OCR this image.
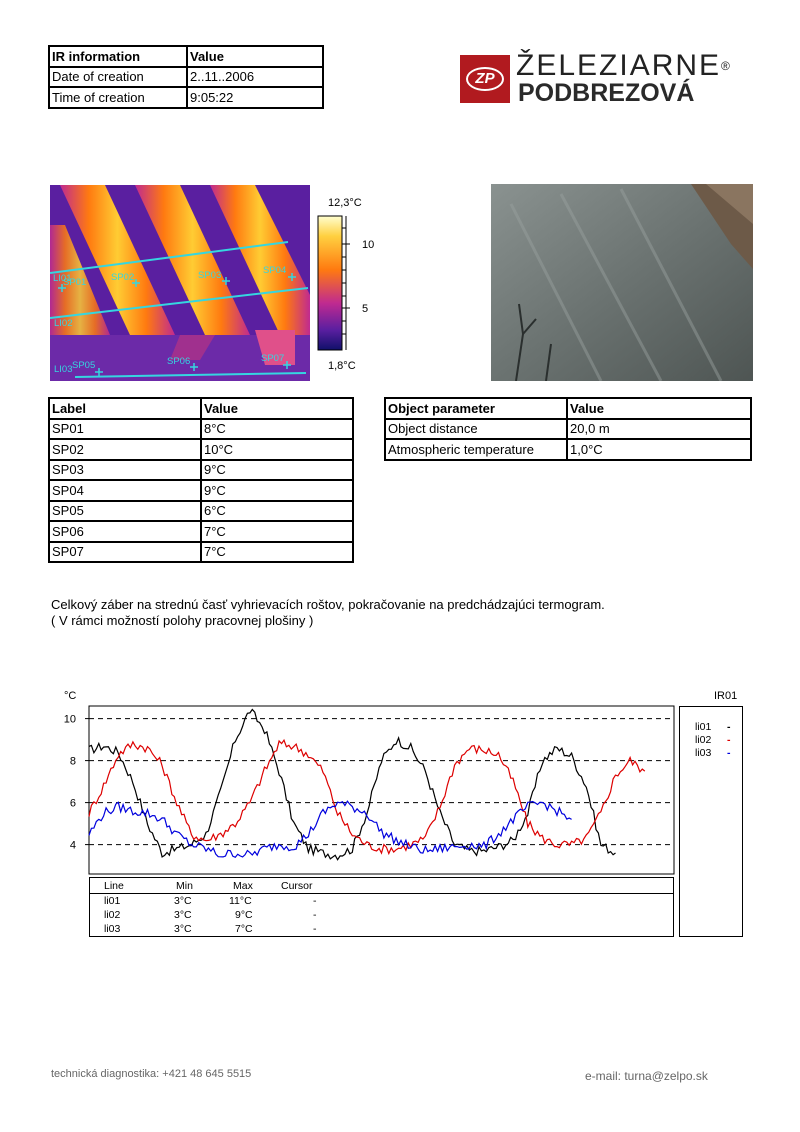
IR information	Value
Date of creation	2..11..2006
Time of creation	9:05:22
ZP ŽELEZIARNE®
PODBREZOVÁ
LI01
SP01	SP02	SP03	SP04
LI02
LI03 SP05	SP06	SP07
12,3°C
10
5
1,8°C
Label	Value
SP01	8°C
SP02	10°C
SP03	9°C
SP04	9°C
SP05	6°C
SP06	7°C
SP07	7°C
Object parameter	Value
Object distance	20,0 m
Atmospheric temperature	1,0°C
Celkový záber na strednú časť vyhrievacích roštov, pokračovanie na predchádzajúci termogram.
( V rámci možností polohy pracovnej plošiny )
°C
10
8
6
4
Line	Min	Max	Cursor
li01	3°C	11°C	-
li02	3°C	9°C	-
li03	3°C	7°C	-
IR01
li01 -
li02 -
li03 -
technická diagnostika: +421 48 645 5515	e-mail: turna@zelpo.sk
